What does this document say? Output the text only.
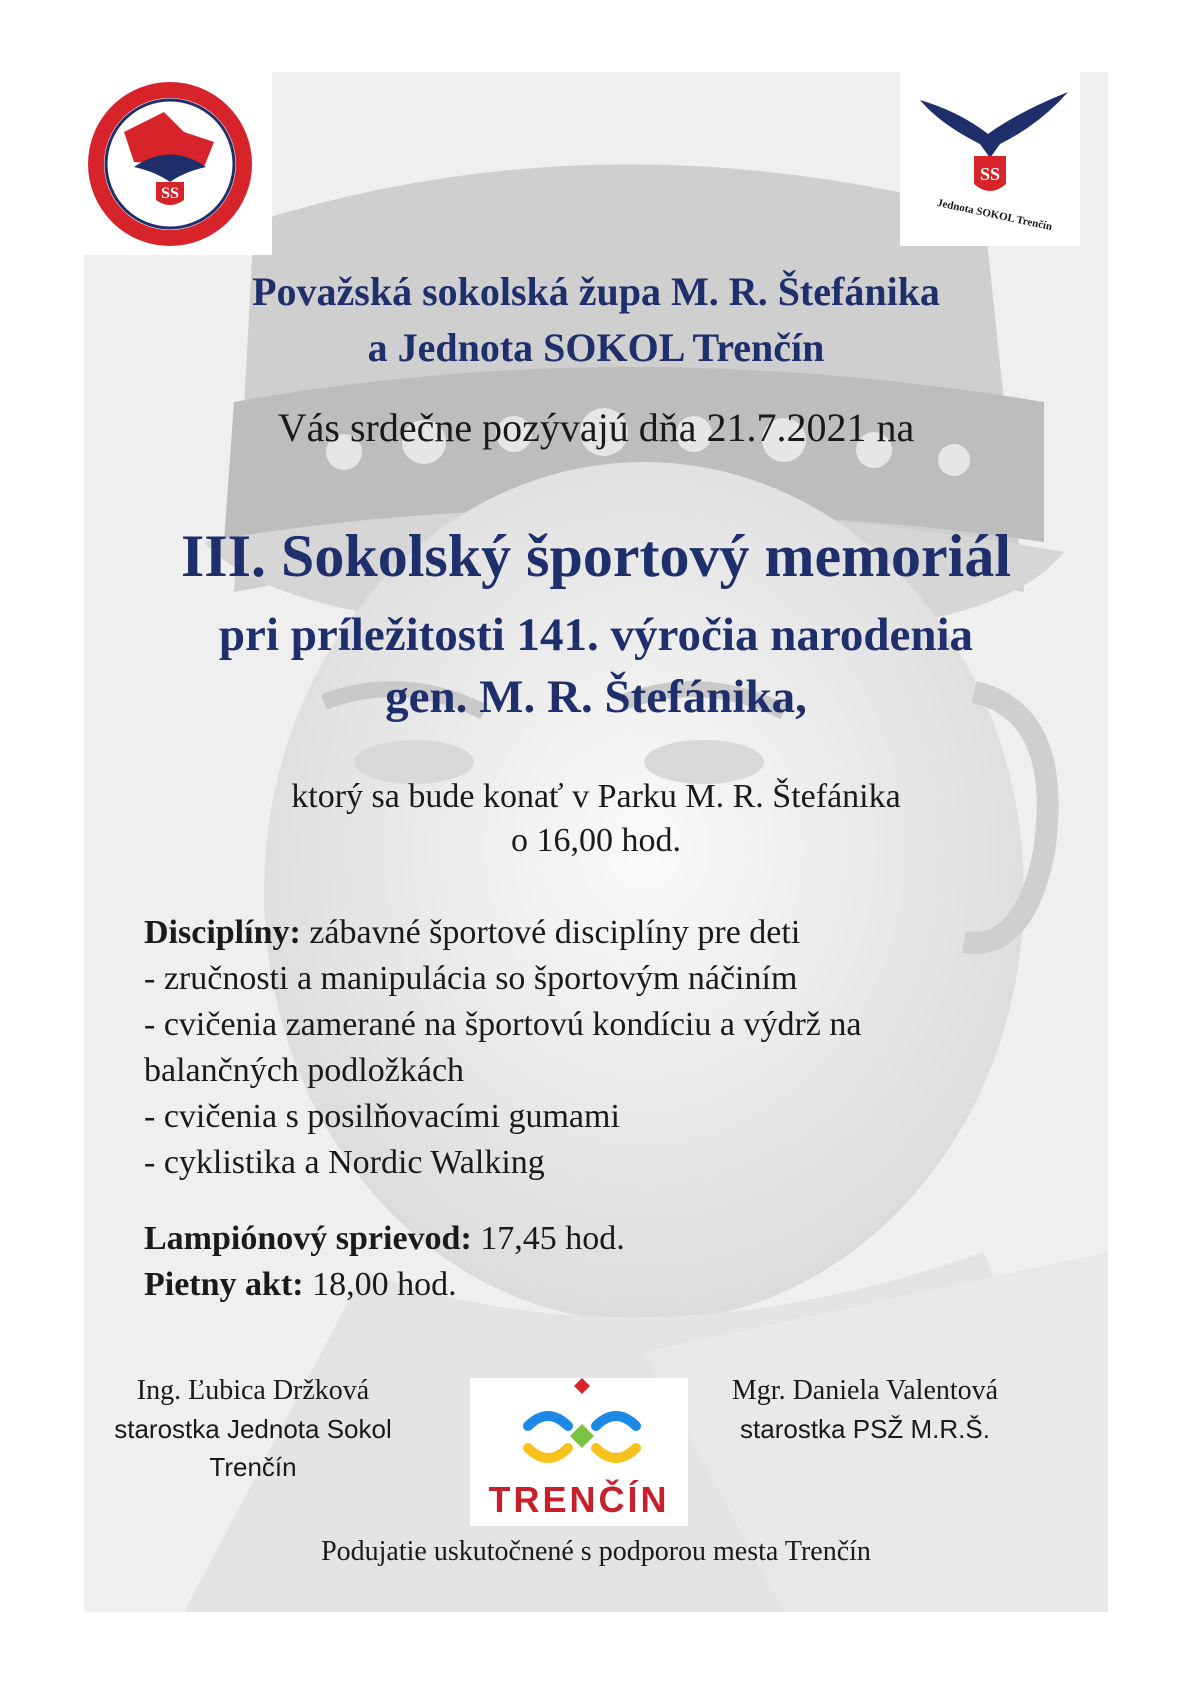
SS
SS
Jednota SOKOL Trenčín

Považská sokolská župa M. R. Štefánika

a Jednota SOKOL Trenčín

Vás srdečne pozývajú dňa 21.7.2021 na

III. Sokolský športový memoriál

pri príležitosti 141. výročia narodenia

gen. M. R. Štefánika,

ktorý sa bude konať v Parku M. R. Štefánika

o 16,00 hod.

Disciplíny: zábavné športové disciplíny pre deti
- zručnosti a manipulácia so športovým náčiním
- cvičenia zamerané na športovú kondíciu a výdrž na
balančných podložkách
- cvičenia s posilňovacími gumami
- cyklistika a Nordic Walking
Lampiónový sprievod: 17,45 hod.
Pietny akt: 18,00 hod.
Ing. Ľubica Držková
starostka Jednota Sokol
Trenčín
TRENČÍN
Mgr. Daniela Valentová
starostka PSŽ M.R.Š.
Podujatie uskutočnené s podporou mesta Trenčín
